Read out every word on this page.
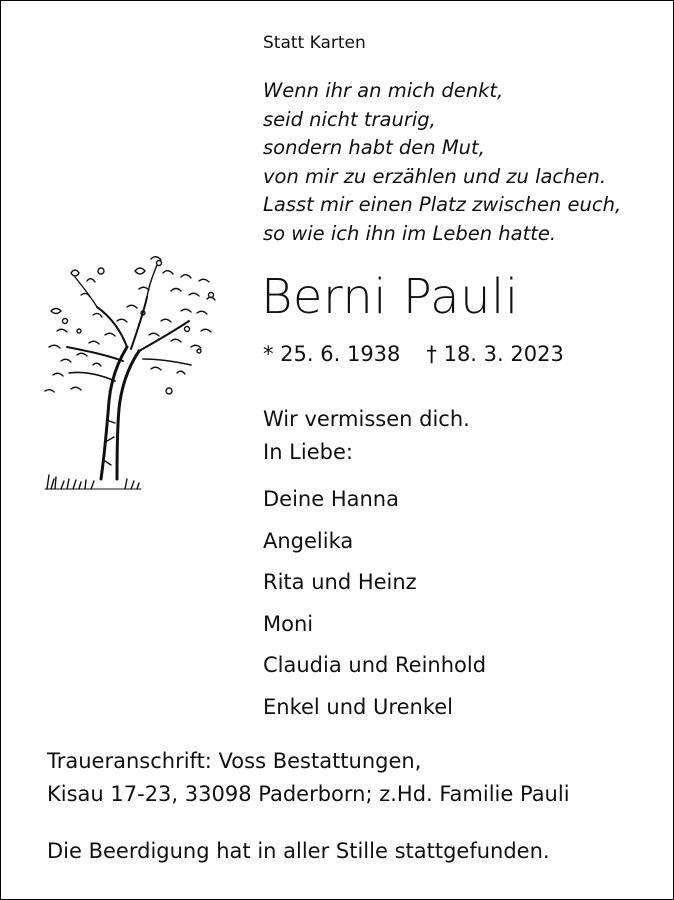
Statt Karten
Wenn ihr an mich denkt,
seid nicht traurig,
sondern habt den Mut,
von mir zu erzählen und zu lachen.
Lasst mir einen Platz zwischen euch,
so wie ich ihn im Leben hatte.
Berni Pauli
* 25. 6. 1938 † 18. 3. 2023
Wir vermissen dich.
In Liebe:
Deine Hanna
Angelika
Rita und Heinz
Moni
Claudia und Reinhold
Enkel und Urenkel
Traueranschrift: Voss Bestattungen,
Kisau 17-23, 33098 Paderborn; z.Hd. Familie Pauli
Die Beerdigung hat in aller Stille stattgefunden.
